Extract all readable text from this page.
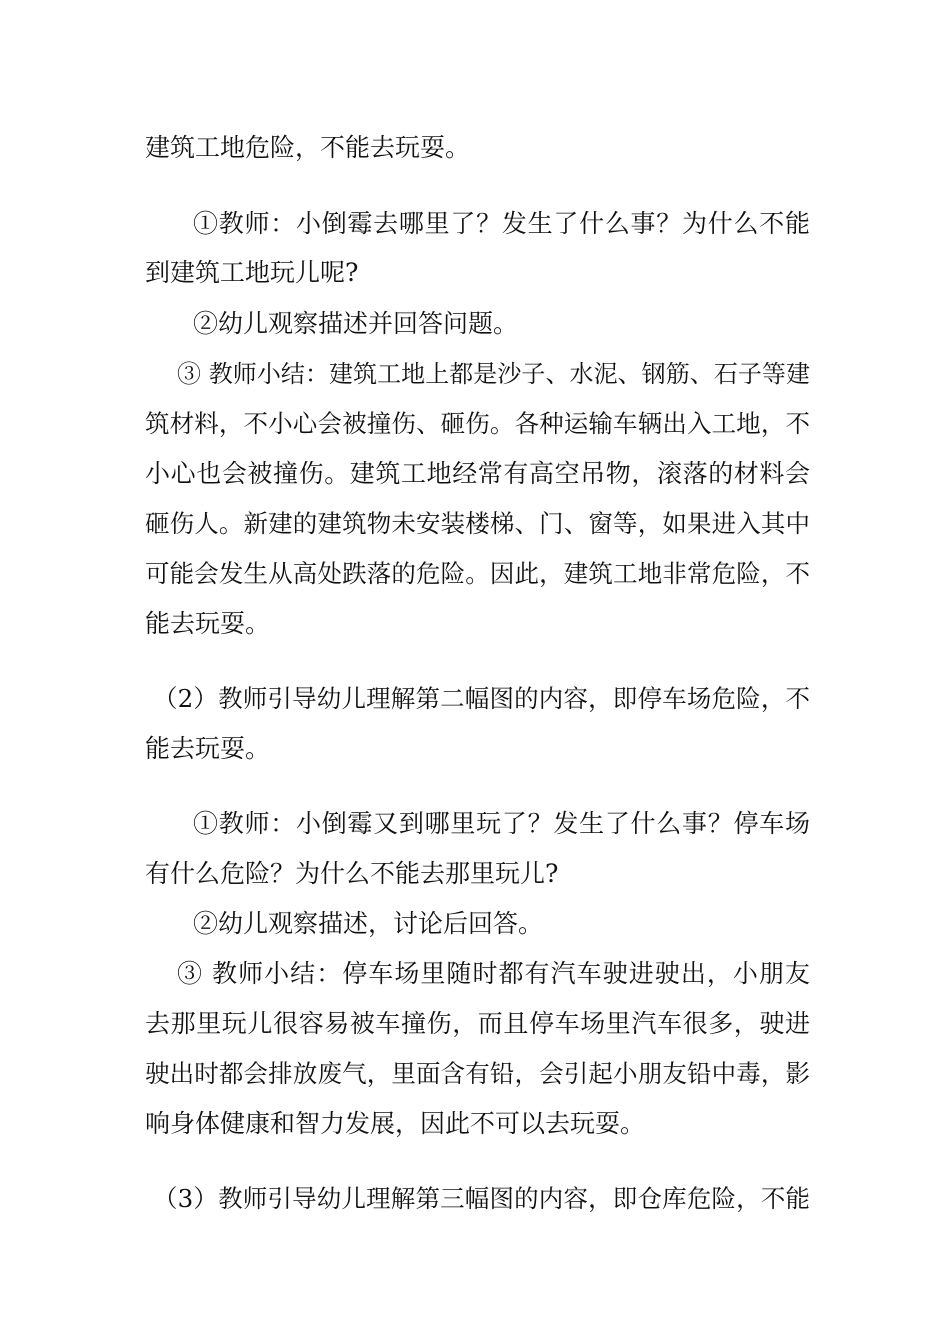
建筑工地危险，不能去玩耍。
①教师：小倒霉去哪里了？发生了什么事？为什么不能
到建筑工地玩儿呢?
②幼儿观察描述并回答问题。
③ 教师小结：建筑工地上都是沙子、水泥、钢筋、石子等建
筑材料，不小心会被撞伤、砸伤。各种运输车辆出入工地，不
小心也会被撞伤。建筑工地经常有高空吊物，滚落的材料会
砸伤人。新建的建筑物未安装楼梯、门、窗等，如果进入其中
可能会发生从高处跌落的危险。因此，建筑工地非常危险，不
能去玩耍。
（2）教师引导幼儿理解第二幅图的内容，即停车场危险，不
能去玩耍。
①教师：小倒霉又到哪里玩了？发生了什么事？停车场
有什么危险？为什么不能去那里玩儿?
②幼儿观察描述，讨论后回答。
③ 教师小结：停车场里随时都有汽车驶进驶出，小朋友
去那里玩儿很容易被车撞伤，而且停车场里汽车很多，驶进
驶出时都会排放废气，里面含有铅，会引起小朋友铅中毒，影
响身体健康和智力发展，因此不可以去玩耍。
（3）教师引导幼儿理解第三幅图的内容，即仓库危险，不能
